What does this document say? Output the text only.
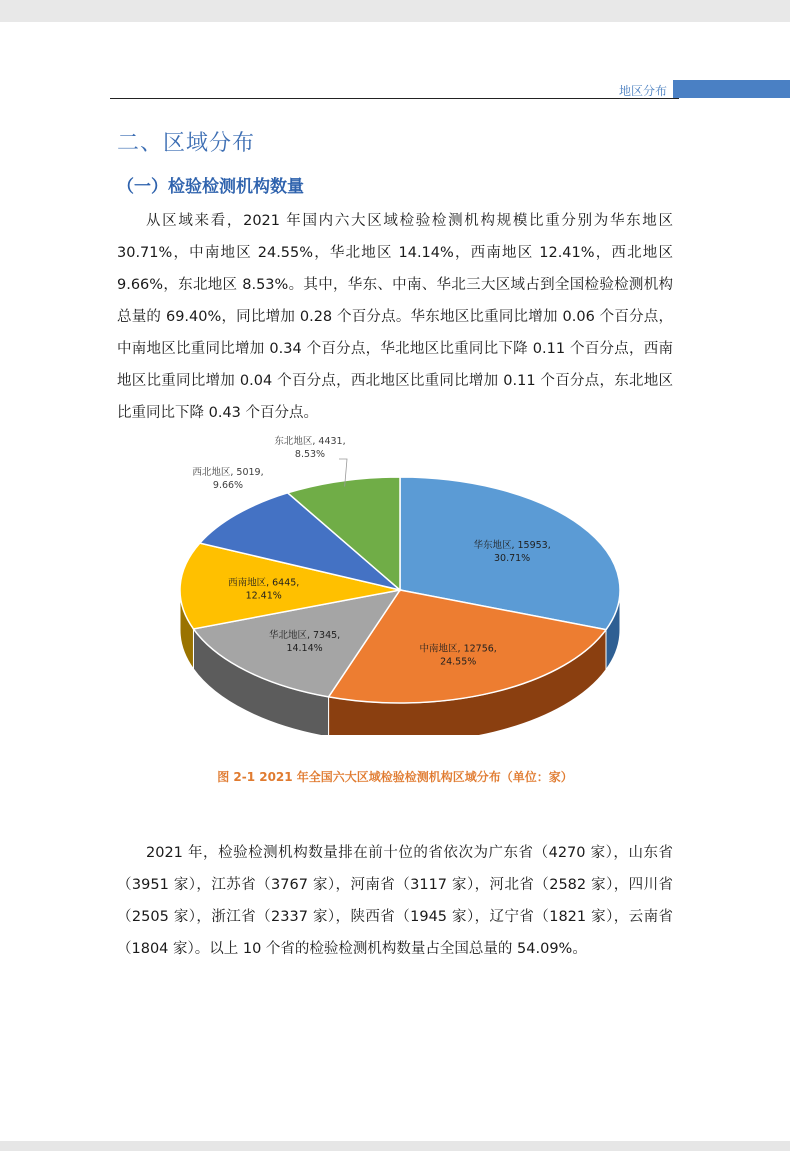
地区分布
二、区域分布
（一）检验检测机构数量

从区域来看，2021 年国内六大区域检验检测机构规模比重分别为华东地区 30.71%，中南地区 24.55%，华北地区 14.14%，西南地区 12.41%，西北地区 9.66%，东北地区 8.53%。其中，华东、中南、华北三大区域占到全国检验检测机构总量的 69.40%，同比增加 0.28 个百分点。华东地区比重同比增加 0.06 个百分点，中南地区比重同比增加 0.34 个百分点，华北地区比重同比下降 0.11 个百分点，西南地区比重同比增加 0.04 个百分点，西北地区比重同比增加 0.11 个百分点，东北地区比重同比下降 0.43 个百分点。

华东地区, 15953,
30.71%
中南地区, 12756,
24.55%
华北地区, 7345,
14.14%
西南地区, 6445,
12.41%
西北地区, 5019,
9.66%
东北地区, 4431,
8.53%
图 2-1 2021 年全国六大区域检验检测机构区域分布（单位：家）

2021 年，检验检测机构数量排在前十位的省依次为广东省（4270 家），山东省（3951 家），江苏省（3767 家），河南省（3117 家），河北省（2582 家），四川省（2505 家），浙江省（2337 家），陕西省（1945 家），辽宁省（1821 家），云南省（1804 家）。以上 10 个省的检验检测机构数量占全国总量的 54.09%。
